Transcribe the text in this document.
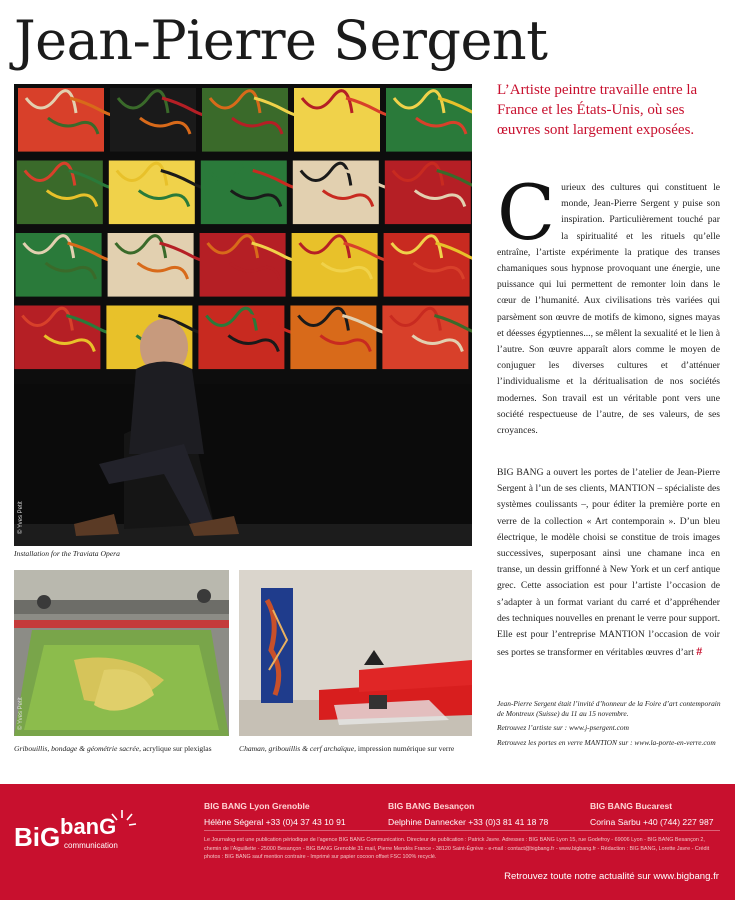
Jean-Pierre Sergent
© Yves Petit
Installation for the Traviata Opera
© Yves Petit
Gribouillis, bondage & géométrie sacrée, acrylique sur plexiglas	Chaman, gribouillis & cerf archaïque, impression numérique sur verre
L’Artiste peintre travaille entre la France et les États-Unis, où ses œuvres sont largement exposées.
Curieux des cultures qui constituent le monde, Jean-Pierre Sergent y puise son inspiration. Particulièrement touché par la spiritualité et les rituels qu’elle entraîne, l’artiste expérimente la pratique des transes chamaniques sous hypnose provoquant une énergie, une puissance qui lui permettent de remonter loin dans le cœur de l’humanité. Aux civilisations très variées qui parsèment son œuvre de motifs de kimono, signes mayas et déesses égyptiennes..., se mêlent la sexualité et le lien à l’autre. Son œuvre apparaît alors comme le moyen de conjuguer les diverses cultures et d’atténuer l’individualisme et la déritualisation de nos sociétés modernes. Son travail est un véritable pont vers une société respectueuse de l’autre, de ses valeurs, de ses croyances.
BIG BANG a ouvert les portes de l’atelier de Jean-Pierre Sergent à l’un de ses clients, MANTION – spécialiste des systèmes coulissants –, pour éditer la première porte en verre de la collection « Art contemporain ». D’un bleu électrique, le modèle choisi se constitue de trois images successives, superposant ainsi une chamane inca en transe, un dessin griffonné à New York et un cerf antique grec. Cette association est pour l’artiste l’occasion de s’adapter à un format variant du carré et d’appréhender des techniques nouvelles en prenant le verre pour support. Elle est pour l’entreprise MANTION l’occasion de voir ses portes se transformer en véritables œuvres d’art #
Jean-Pierre Sergent était l’invité d’honneur de la Foire d’art contemporain de Montreux (Suisse) du 11 au 15 novembre.
Retrouvez l’artiste sur : www.j-psergent.com
Retrouvez les portes en verre MANTION sur : www.la-porte-en-verre.com
BiG banG
communication
BIG BANG Lyon Grenoble
Hélène Ségeral +33 (0)4 37 43 10 91
BIG BANG Besançon
Delphine Dannecker +33 (0)3 81 41 18 78
BIG BANG Bucarest
Corina Sarbu +40 (744) 227 987
Le Journalog est une publication périodique de l’agence BIG BANG Communication. Directeur de publication : Patrick Javre. Adresses : BIG BANG Lyon 15, rue Godefroy - 69006 Lyon - BIG BANG Besançon 2, chemin de l’Aiguillette - 25000 Besançon - BIG BANG Grenoble 31 mail, Pierre Mendès France - 38120 Saint-Égrève - e-mail : contact@bigbang.fr - www.bigbang.fr - Rédaction : BIG BANG, Lorette Javre - Crédit photos : BIG BANG sauf mention contraire - Imprimé sur papier cocoon offset FSC 100% recyclé.
Retrouvez toute notre actualité sur www.bigbang.fr
